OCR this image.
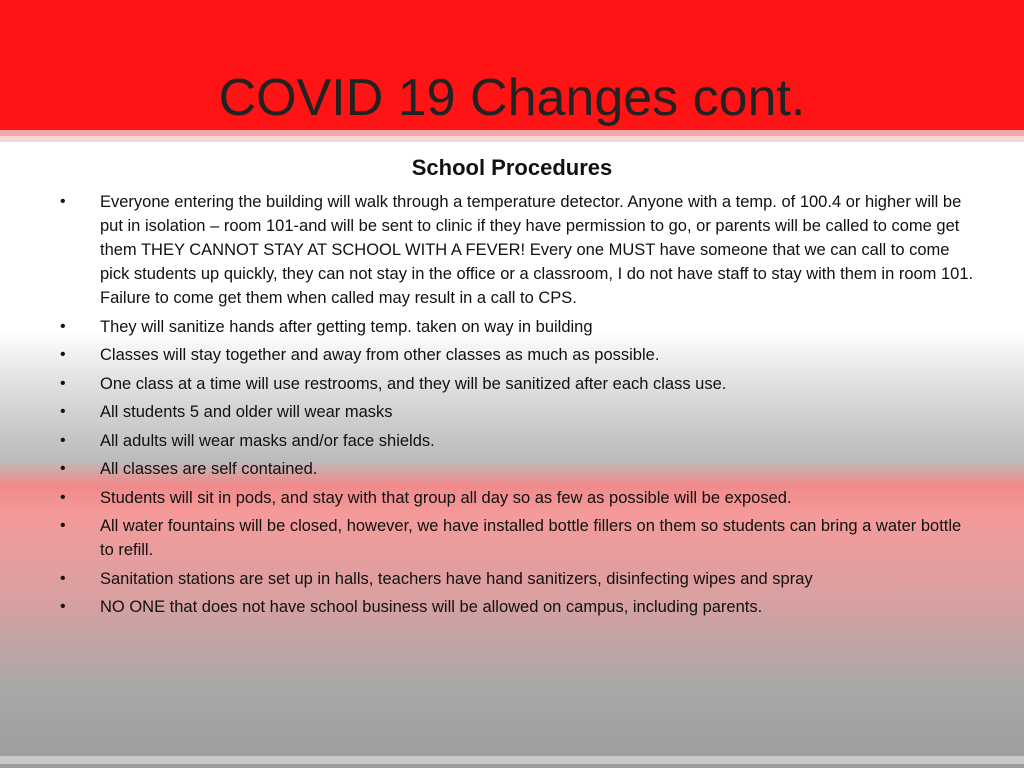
COVID 19 Changes cont.
School Procedures
•	Everyone entering the building will walk through a temperature detector. Anyone with a temp. of 100.4 or higher will be put in isolation – room 101-and will be sent to clinic if they have permission to go, or parents will be called to come get them THEY CANNOT STAY AT SCHOOL WITH A FEVER! Every one MUST have someone that we can call to come pick students up quickly, they can not stay in the office or a classroom, I do not have staff to stay with them in room 101. Failure to come get them when called may result in a call to CPS.
•	They will sanitize hands after getting temp. taken on way in building
•	Classes will stay together and away from other classes as much as possible.
•	One class at a time will use restrooms, and they will be sanitized after each class use.
•	All students 5 and older will wear masks
•	All adults will wear masks and/or face shields.
•	All classes are self contained.
•	Students will sit in pods, and stay with that group all day so as few as possible will be exposed.
•	All water fountains will be closed, however, we have installed bottle fillers on them so students can bring a water bottle to refill.
•	Sanitation stations are set up in halls, teachers have hand sanitizers, disinfecting wipes and spray
•	NO ONE that does not have school business will be allowed on campus, including parents.
